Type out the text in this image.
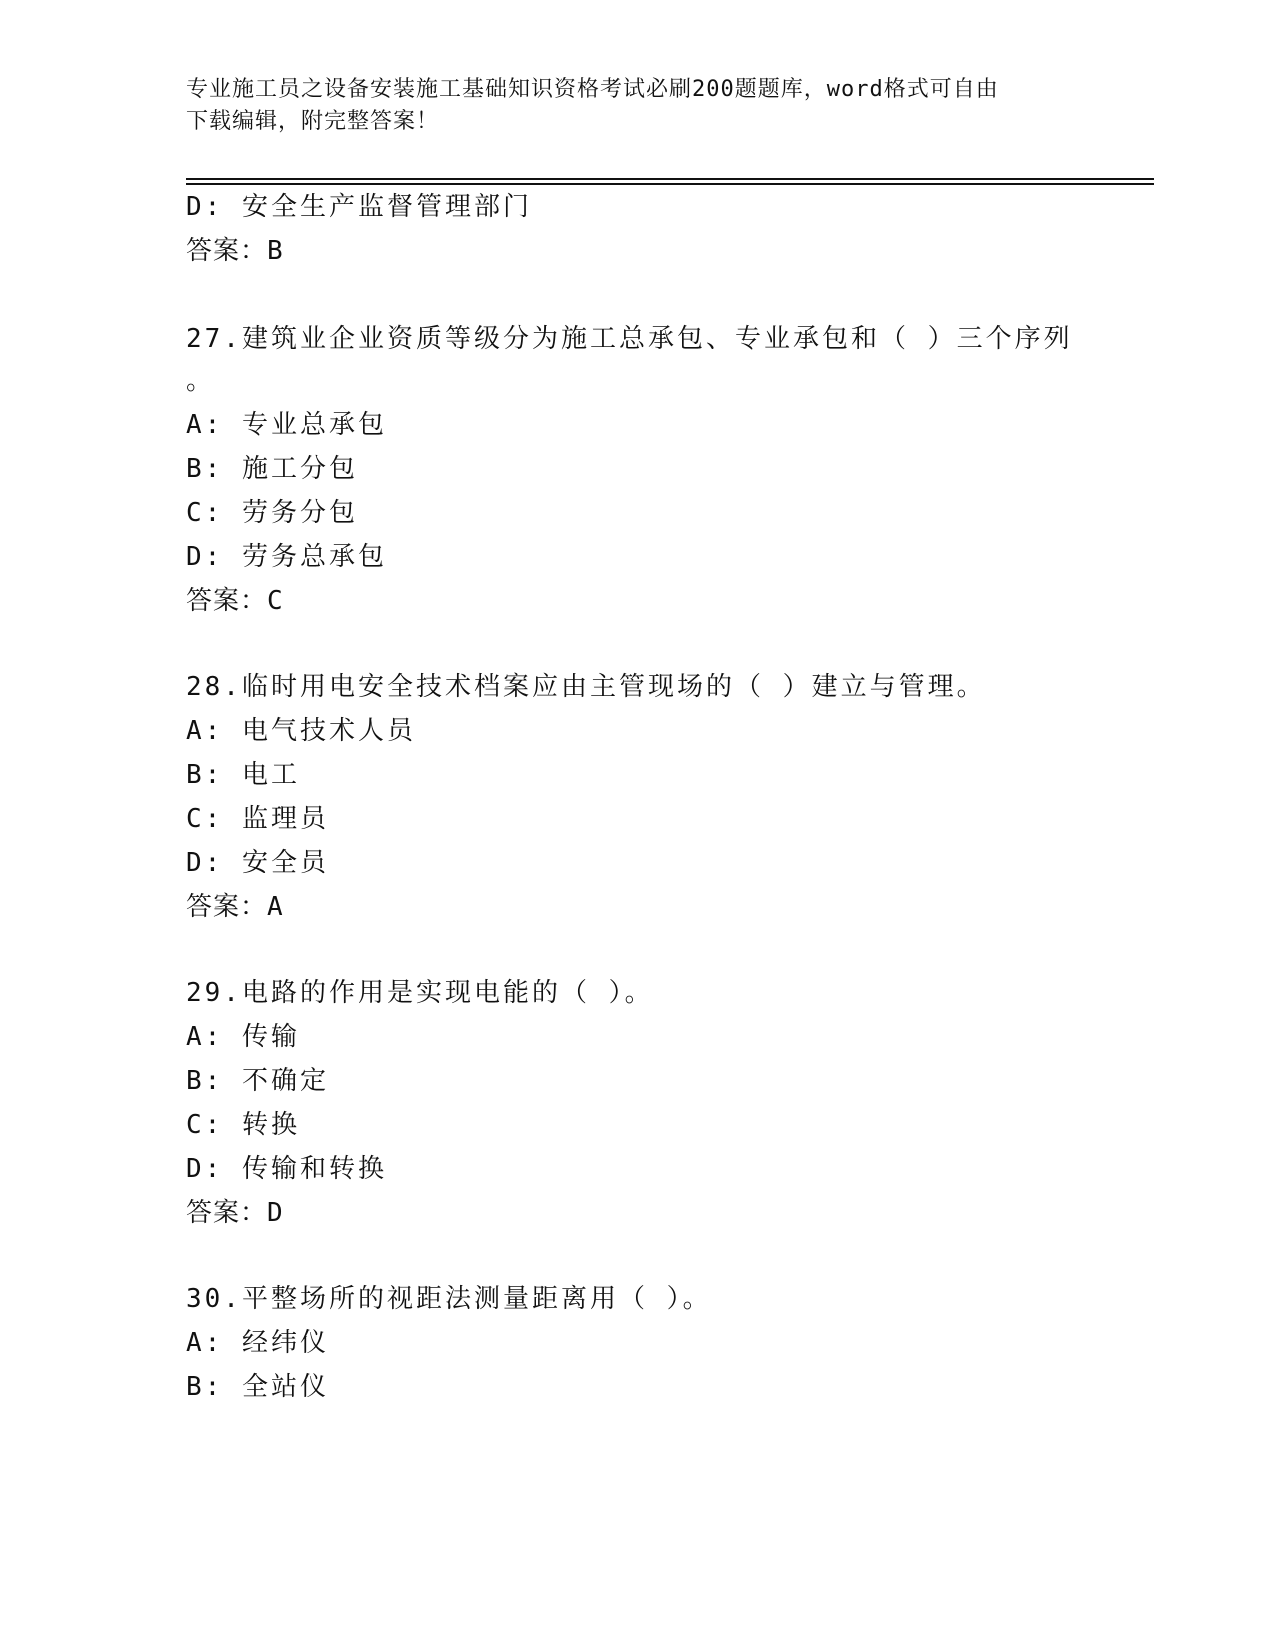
专业施工员之设备安装施工基础知识资格考试必刷200题题库，word格式可自由
下载编辑，附完整答案！
D: 安全生产监督管理部门
答案：B
27.建筑业企业资质等级分为施工总承包、专业承包和（ ）三个序列
。
A: 专业总承包
B: 施工分包
C: 劳务分包
D: 劳务总承包
答案：C
28.临时用电安全技术档案应由主管现场的（ ）建立与管理。
A: 电气技术人员
B: 电工
C: 监理员
D: 安全员
答案：A
29.电路的作用是实现电能的（ ）。
A: 传输
B: 不确定
C: 转换
D: 传输和转换
答案：D
30.平整场所的视距法测量距离用（ ）。
A: 经纬仪
B: 全站仪
